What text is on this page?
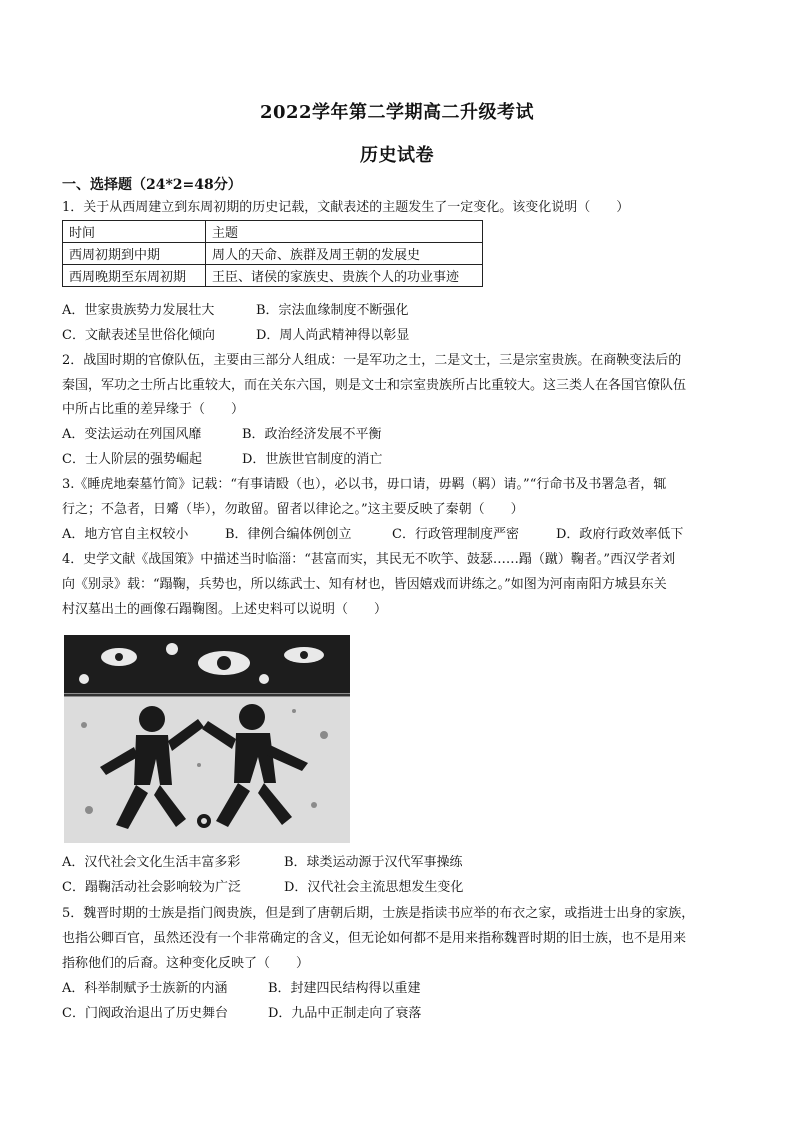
2022学年第二学期高二升级考试
历史试卷
一、选择题（24*2=48分）
1．关于从西周建立到东周初期的历史记载，文献表述的主题发生了一定变化。该变化说明（　　）
时间	主题
西周初期到中期	周人的天命、族群及周王朝的发展史
西周晚期至东周初期	王臣、诸侯的家族史、贵族个人的功业事迹
A．世家贵族势力发展壮大	B．宗法血缘制度不断强化
C．文献表述呈世俗化倾向	D．周人尚武精神得以彰显
2．战国时期的官僚队伍，主要由三部分人组成：一是军功之士，二是文士，三是宗室贵族。在商鞅变法后的
秦国，军功之士所占比重较大，而在关东六国，则是文士和宗室贵族所占比重较大。这三类人在各国官僚队伍
中所占比重的差异缘于（　　）
A．变法运动在列国风靡	B．政治经济发展不平衡
C．士人阶层的强势崛起	D．世族世官制度的消亡
3.《睡虎地秦墓竹简》记载：“有事请殹（也），必以书，毋口请，毋羁（羁）请。”“行命书及书署急者，辄
行之；不急者，日觱（毕），勿敢留。留者以律论之。”这主要反映了秦朝（　　）
A．地方官自主权较小	B．律例合编体例创立	C．行政管理制度严密	D．政府行政效率低下
4．史学文献《战国策》中描述当时临淄：“甚富而实，其民无不吹竽、鼓瑟……蹋（蹴）鞠者。”西汉学者刘
向《别录》载：“蹋鞠，兵势也，所以练武士、知有材也，皆因嬉戏而讲练之。”如图为河南南阳方城县东关
村汉墓出土的画像石蹋鞠图。上述史料可以说明（　　）
A．汉代社会文化生活丰富多彩	B．球类运动源于汉代军事操练
C．蹋鞠活动社会影响较为广泛	D．汉代社会主流思想发生变化
5．魏晋时期的士族是指门阀贵族，但是到了唐朝后期，士族是指读书应举的布衣之家，或指进士出身的家族，
也指公卿百官，虽然还没有一个非常确定的含义，但无论如何都不是用来指称魏晋时期的旧士族，也不是用来
指称他们的后裔。这种变化反映了（　　）
A．科举制赋予士族新的内涵	B．封建四民结构得以重建
C．门阀政治退出了历史舞台	D．九品中正制走向了衰落
